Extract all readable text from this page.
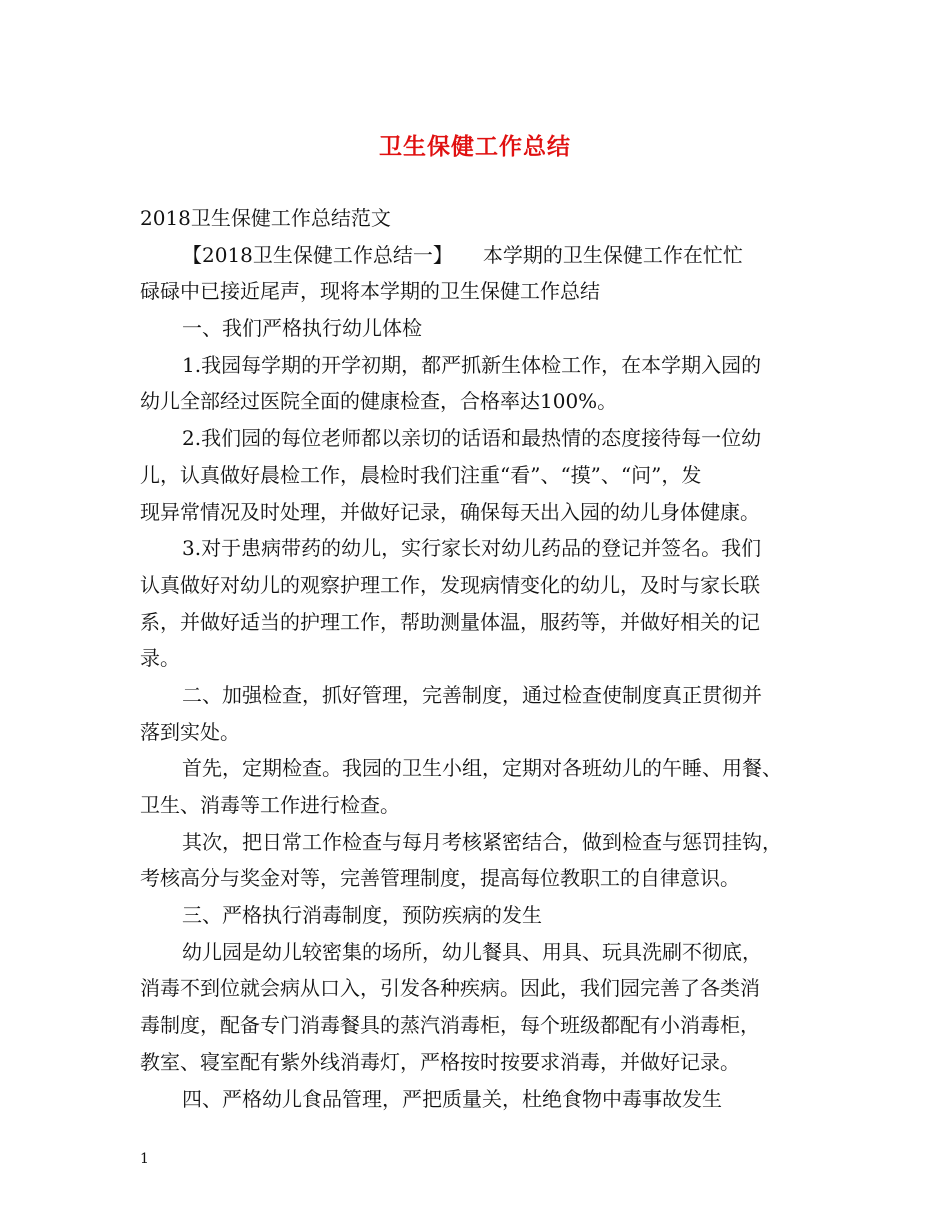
卫生保健工作总结
2018卫生保健工作总结范文
【2018卫生保健工作总结一】　　本学期的卫生保健工作在忙忙
碌碌中已接近尾声，现将本学期的卫生保健工作总结
一、我们严格执行幼儿体检
1.我园每学期的开学初期，都严抓新生体检工作，在本学期入园的
幼儿全部经过医院全面的健康检查，合格率达100%。
2.我们园的每位老师都以亲切的话语和最热情的态度接待每一位幼
儿，认真做好晨检工作，晨检时我们注重“看”、“摸”、“问”，发
现异常情况及时处理，并做好记录，确保每天出入园的幼儿身体健康。
3.对于患病带药的幼儿，实行家长对幼儿药品的登记并签名。我们
认真做好对幼儿的观察护理工作，发现病情变化的幼儿，及时与家长联
系，并做好适当的护理工作，帮助测量体温，服药等，并做好相关的记
录。
二、加强检查，抓好管理，完善制度，通过检查使制度真正贯彻并
落到实处。
首先，定期检查。我园的卫生小组，定期对各班幼儿的午睡、用餐、
卫生、消毒等工作进行检查。
其次，把日常工作检查与每月考核紧密结合，做到检查与惩罚挂钩，
考核高分与奖金对等，完善管理制度，提高每位教职工的自律意识。
三、严格执行消毒制度，预防疾病的发生
幼儿园是幼儿较密集的场所，幼儿餐具、用具、玩具洗刷不彻底，
消毒不到位就会病从口入，引发各种疾病。因此，我们园完善了各类消
毒制度，配备专门消毒餐具的蒸汽消毒柜，每个班级都配有小消毒柜，
教室、寝室配有紫外线消毒灯，严格按时按要求消毒，并做好记录。
四、严格幼儿食品管理，严把质量关，杜绝食物中毒事故发生
1
